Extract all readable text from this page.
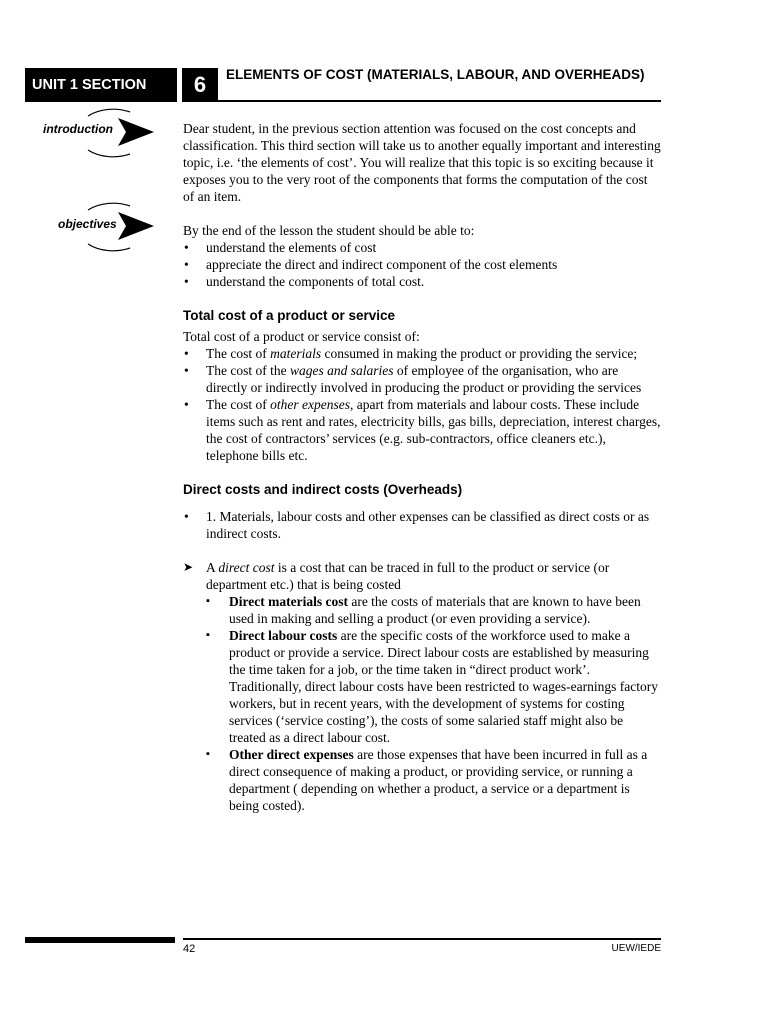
UNIT 1 SECTION	6	ELEMENTS OF COST (MATERIALS, LABOUR, AND OVERHEADS)
introduction
objectives

Dear student, in the previous section attention was focused on the cost concepts and classification. This third section will take us to another equally important and interesting topic, i.e. ‘the elements of cost’. You will realize that this topic is so exciting because it exposes you to the very root of the components that forms the computation of the cost of an item.

By the end of the lesson the student should be able to:

• understand the elements of cost
• appreciate the direct and indirect component of the cost elements
• understand the components of total cost.

Total cost of a product or service

Total cost of a product or service consist of:

• The cost of materials consumed in making the product or providing the service;
• The cost of the wages and salaries of employee of the organisation, who are directly or indirectly involved in producing the product or providing the services
• The cost of other expenses, apart from materials and labour costs. These include items such as rent and rates, electricity bills, gas bills, depreciation, interest charges, the cost of contractors’ services (e.g. sub-contractors, office cleaners etc.), telephone bills etc.

Direct costs and indirect costs (Overheads)

• 1. Materials, labour costs and other expenses can be classified as direct costs or as indirect costs.
➤ A direct cost is a cost that can be traced in full to the product or service (or department etc.) that is being costed
▪ Direct materials cost are the costs of materials that are known to have been used in making and selling a product (or even providing a service).
▪ Direct labour costs are the specific costs of the workforce used to make a product or provide a service. Direct labour costs are established by measuring the time taken for a job, or the time taken in “direct product work’. Traditionally, direct labour costs have been restricted to wages-earnings factory workers, but in recent years, with the development of systems for costing services (‘service costing’), the costs of some salaried staff might also be treated as a direct labour cost.
▪ Other direct expenses are those expenses that have been incurred in full as a direct consequence of making a product, or providing service, or running a department ( depending on whether a product, a service or a department is being costed).
42	UEW/IEDE
